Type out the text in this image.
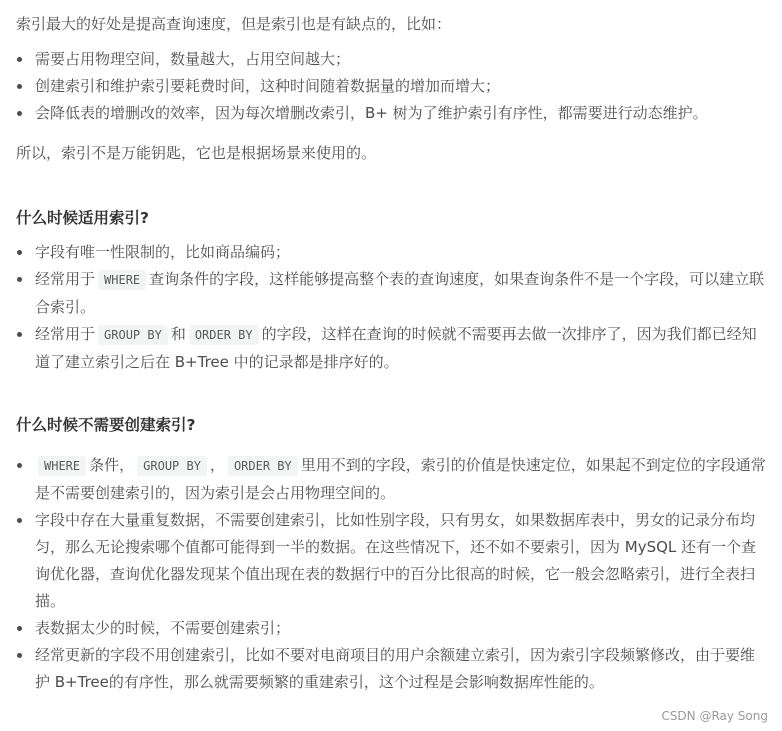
索引最大的好处是提高查询速度，但是索引也是有缺点的，比如：

需要占用物理空间，数量越大，占用空间越大；
创建索引和维护索引要耗费时间，这种时间随着数据量的增加而增大；
会降低表的增删改的效率，因为每次增删改索引，B+ 树为了维护索引有序性，都需要进行动态维护。

所以，索引不是万能钥匙，它也是根据场景来使用的。

什么时候适用索引?
字段有唯一性限制的，比如商品编码；
经常用于 WHERE 查询条件的字段，这样能够提高整个表的查询速度，如果查询条件不是一个字段，可以建立联合索引。
经常用于 GROUP BY 和 ORDER BY 的字段，这样在查询的时候就不需要再去做一次排序了，因为我们都已经知道了建立索引之后在 B+Tree 中的记录都是排序好的。
什么时候不需要创建索引?
WHERE 条件， GROUP BY ， ORDER BY 里用不到的字段，索引的价值是快速定位，如果起不到定位的字段通常是不需要创建索引的，因为索引是会占用物理空间的。
字段中存在大量重复数据，不需要创建索引，比如性别字段，只有男女，如果数据库表中，男女的记录分布均匀，那么无论搜索哪个值都可能得到一半的数据。在这些情况下，还不如不要索引，因为 MySQL 还有一个查询优化器，查询优化器发现某个值出现在表的数据行中的百分比很高的时候，它一般会忽略索引，进行全表扫描。
表数据太少的时候，不需要创建索引；
经常更新的字段不用创建索引，比如不要对电商项目的用户余额建立索引，因为索引字段频繁修改，由于要维护 B+Tree的有序性，那么就需要频繁的重建索引，这个过程是会影响数据库性能的。
CSDN @Ray Song
